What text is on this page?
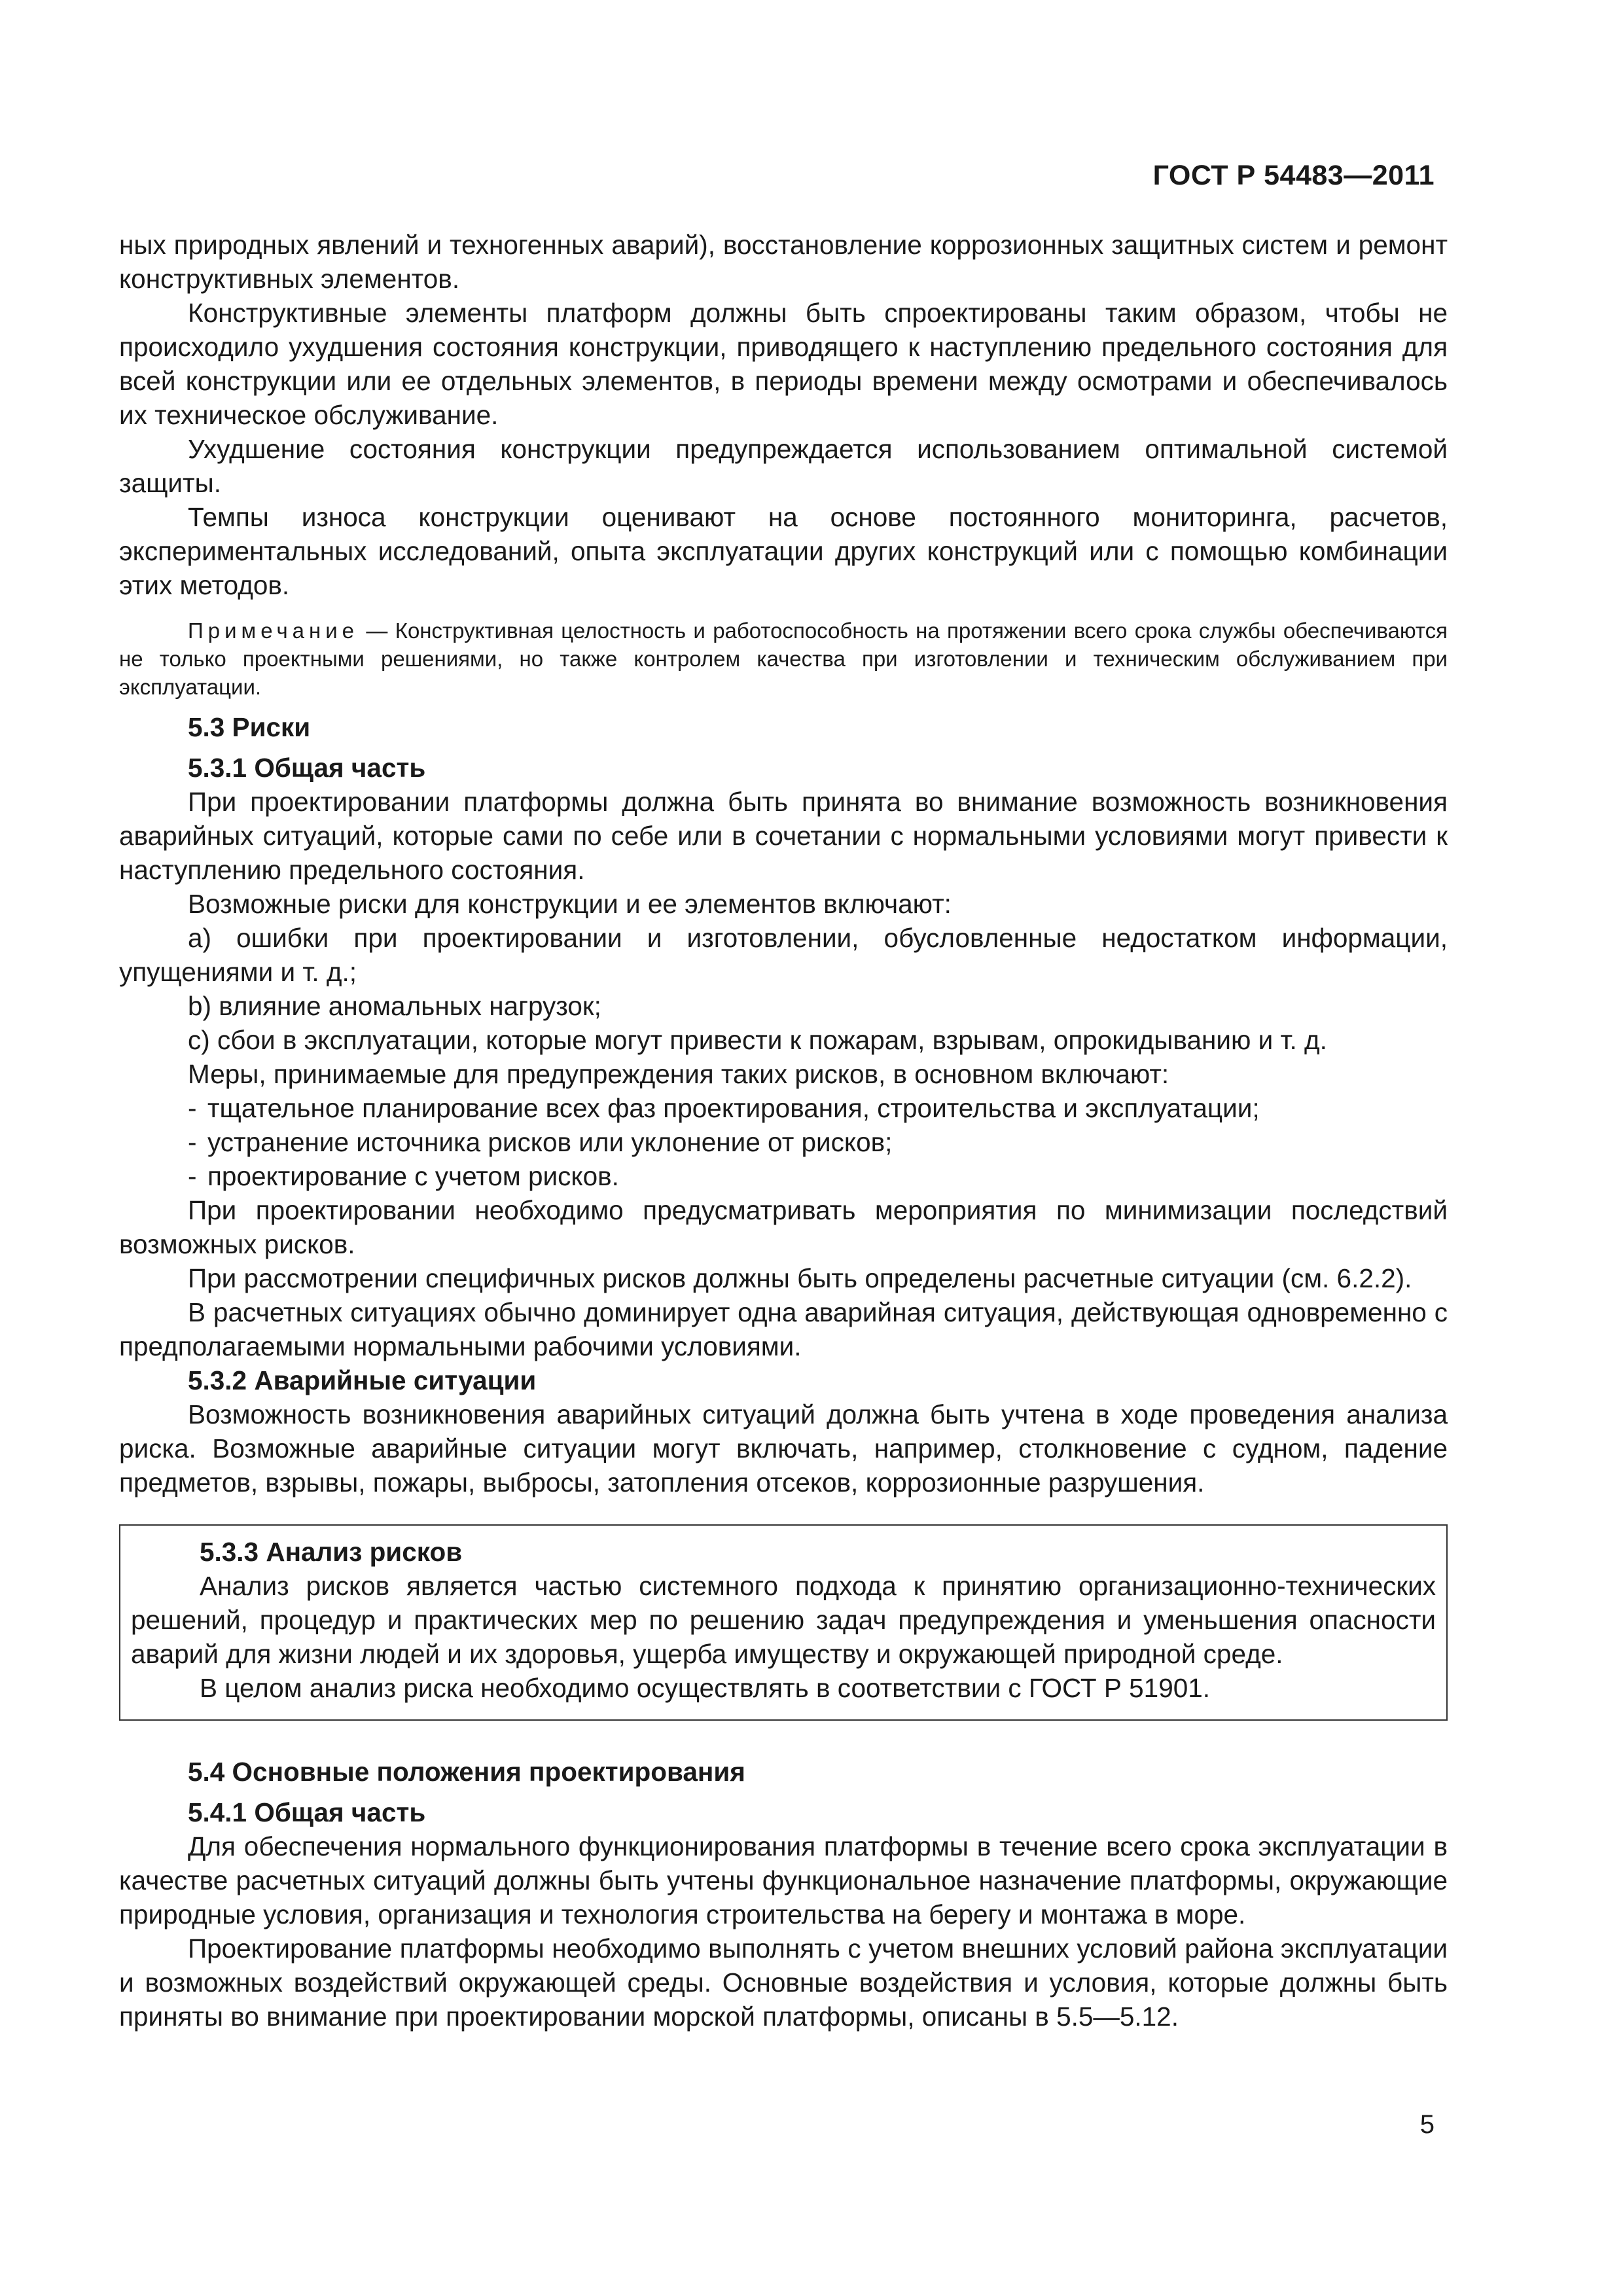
ГОСТ Р 54483—2011

ных природных явлений и техногенных аварий), восстановление коррозионных защитных систем и ремонт конструктивных элементов.

Конструктивные элементы платформ должны быть спроектированы таким образом, чтобы не происходило ухудшения состояния конструкции, приводящего к наступлению предельного состояния для всей конструкции или ее отдельных элементов, в периоды времени между осмотрами и обеспечивалось их техническое обслуживание.

Ухудшение состояния конструкции предупреждается использованием оптимальной системой защиты.

Темпы износа конструкции оценивают на основе постоянного мониторинга, расчетов, экспериментальных исследований, опыта эксплуатации других конструкций или с помощью комбинации этих методов.

Примечание — Конструктивная целостность и работоспособность на протяжении всего срока службы обеспечиваются не только проектными решениями, но также контролем качества при изготовлении и техническим обслуживанием при эксплуатации.

5.3 Риски

5.3.1 Общая часть

При проектировании платформы должна быть принята во внимание возможность возникновения аварийных ситуаций, которые сами по себе или в сочетании с нормальными условиями могут привести к наступлению предельного состояния.

Возможные риски для конструкции и ее элементов включают:

а) ошибки при проектировании и изготовлении, обусловленные недостатком информации, упущениями и т. д.;

b) влияние аномальных нагрузок;

c) сбои в эксплуатации, которые могут привести к пожарам, взрывам, опрокидыванию и т. д.

Меры, принимаемые для предупреждения таких рисков, в основном включают:

- тщательное планирование всех фаз проектирования, строительства и эксплуатации;

- устранение источника рисков или уклонение от рисков;

- проектирование с учетом рисков.

При проектировании необходимо предусматривать мероприятия по минимизации последствий возможных рисков.

При рассмотрении специфичных рисков должны быть определены расчетные ситуации (см. 6.2.2).

В расчетных ситуациях обычно доминирует одна аварийная ситуация, действующая одновременно с предполагаемыми нормальными рабочими условиями.

5.3.2 Аварийные ситуации

Возможность возникновения аварийных ситуаций должна быть учтена в ходе проведения анализа риска. Возможные аварийные ситуации могут включать, например, столкновение с судном, падение предметов, взрывы, пожары, выбросы, затопления отсеков, коррозионные разрушения.

5.3.3 Анализ рисков

Анализ рисков является частью системного подхода к принятию организационно-технических решений, процедур и практических мер по решению задач предупреждения и уменьшения опасности аварий для жизни людей и их здоровья, ущерба имуществу и окружающей природной среде.

В целом анализ риска необходимо осуществлять в соответствии с ГОСТ Р 51901.

5.4 Основные положения проектирования

5.4.1 Общая часть

Для обеспечения нормального функционирования платформы в течение всего срока эксплуатации в качестве расчетных ситуаций должны быть учтены функциональное назначение платформы, окружающие природные условия, организация и технология строительства на берегу и монтажа в море.

Проектирование платформы необходимо выполнять с учетом внешних условий района эксплуатации и возможных воздействий окружающей среды. Основные воздействия и условия, которые должны быть приняты во внимание при проектировании морской платформы, описаны в 5.5—5.12.

5
